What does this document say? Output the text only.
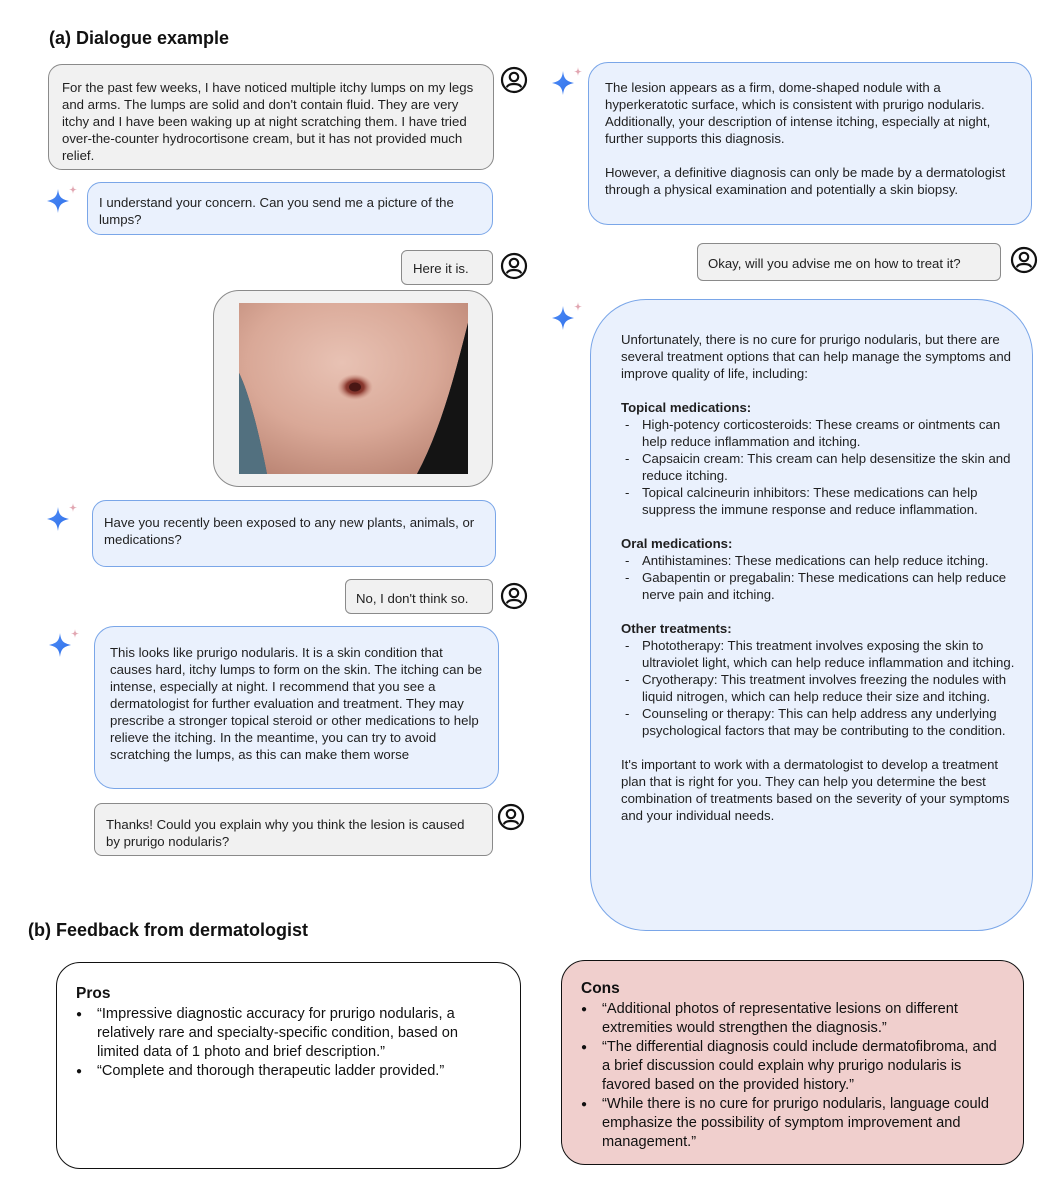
(a) Dialogue example

For the past few weeks, I have noticed multiple itchy lumps on my legs and arms. The lumps are solid and don't contain fluid. They are very itchy and I have been waking up at night scratching them. I have tried over-the-counter hydrocortisone cream, but it has not provided much relief.

I understand your concern. Can you send me a picture of the lumps?

Here it is.

Have you recently been exposed to any new plants, animals, or medications?

No, I don't think so.

This looks like prurigo nodularis. It is a skin condition that causes hard, itchy lumps to form on the skin. The itching can be intense, especially at night. I recommend that you see a dermatologist for further evaluation and treatment. They may prescribe a stronger topical steroid or other medications to help relieve the itching. In the meantime, you can try to avoid scratching the lumps, as this can make them worse

Thanks! Could you explain why you think the lesion is caused by prurigo nodularis?

The lesion appears as a firm, dome-shaped nodule with a hyperkeratotic surface, which is consistent with prurigo nodularis. Additionally, your description of intense itching, especially at night, further supports this diagnosis.

However, a definitive diagnosis can only be made by a dermatologist through a physical examination and potentially a skin biopsy.

Okay, will you advise me on how to treat it?

Unfortunately, there is no cure for prurigo nodularis, but there are several treatment options that can help manage the symptoms and improve quality of life, including:

Topical medications:

- High-potency corticosteroids: These creams or ointments can help reduce inflammation and itching.
- Capsaicin cream: This cream can help desensitize the skin and reduce itching.
- Topical calcineurin inhibitors: These medications can help suppress the immune response and reduce inflammation.

Oral medications:

- Antihistamines: These medications can help reduce itching.
- Gabapentin or pregabalin: These medications can help reduce nerve pain and itching.

Other treatments:

- Phototherapy: This treatment involves exposing the skin to ultraviolet light, which can help reduce inflammation and itching.
- Cryotherapy: This treatment involves freezing the nodules with liquid nitrogen, which can help reduce their size and itching.
- Counseling or therapy: This can help address any underlying psychological factors that may be contributing to the condition.

It's important to work with a dermatologist to develop a treatment plan that is right for you. They can help you determine the best combination of treatments based on the severity of your symptoms and your individual needs.

(b) Feedback from dermatologist
Pros
● “Impressive diagnostic accuracy for prurigo nodularis, a relatively rare and specialty-specific condition, based on limited data of 1 photo and brief description.”
● “Complete and thorough therapeutic ladder provided.”
Cons
● “Additional photos of representative lesions on different extremities would strengthen the diagnosis.”
● “The differential diagnosis could include dermatofibroma, and a brief discussion could explain why prurigo nodularis is favored based on the provided history.”
● “While there is no cure for prurigo nodularis, language could emphasize the possibility of symptom improvement and management.”
